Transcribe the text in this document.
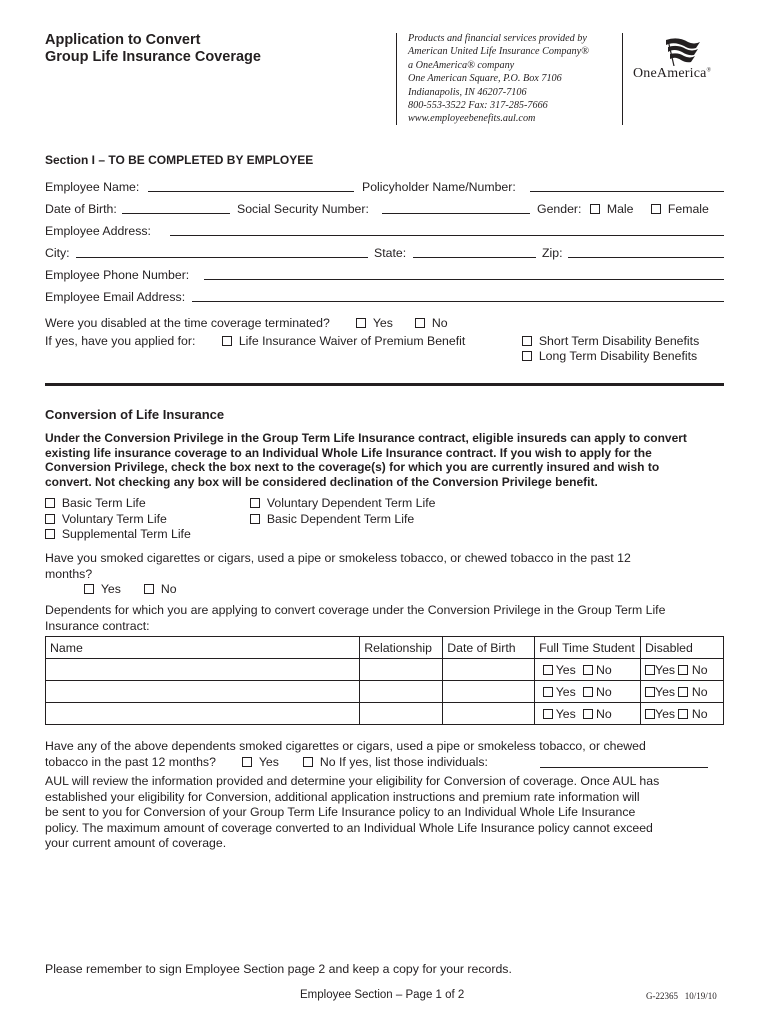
Application to Convert
Group Life Insurance Coverage
Products and financial services provided by
American United Life Insurance Company®
a OneAmerica® company
One American Square, P.O. Box 7106
Indianapolis, IN 46207-7106
800-553-3522 Fax: 317-285-7666
www.employeebenefits.aul.com
OneAmerica®
Section I – TO BE COMPLETED BY EMPLOYEE
Employee Name:	Policyholder Name/Number:
Date of Birth:	Social Security Number:	Gender:	Male	Female
Employee Address:
City:	State:	Zip:
Employee Phone Number:
Employee Email Address:
Were you disabled at the time coverage terminated?	Yes	No
If yes, have you applied for:	Life Insurance Waiver of Premium Benefit	Short Term Disability Benefits
Long Term Disability Benefits
Conversion of Life Insurance
Under the Conversion Privilege in the Group Term Life Insurance contract, eligible insureds can apply to convert
existing life insurance coverage to an Individual Whole Life Insurance contract. If you wish to apply for the
Conversion Privilege, check the box next to the coverage(s) for which you are currently insured and wish to
convert. Not checking any box will be considered declination of the Conversion Privilege benefit.
Basic Term Life
Voluntary Term Life
Supplemental Term Life
Voluntary Dependent Term Life
Basic Dependent Term Life
Have you smoked cigarettes or cigars, used a pipe or smokeless tobacco, or chewed tobacco in the past 12
months?
Yes	No
Dependents for which you are applying to convert coverage under the Conversion Privilege in the Group Term Life
Insurance contract:
Name	Relationship	Date of Birth	Full Time Student	Disabled
			Yes No	Yes No
			Yes No	Yes No
			Yes No	Yes No
Have any of the above dependents smoked cigarettes or cigars, used a pipe or smokeless tobacco, or chewed
tobacco in the past 12 months?	Yes	No If yes, list those individuals:
AUL will review the information provided and determine your eligibility for Conversion of coverage. Once AUL has
established your eligibility for Conversion, additional application instructions and premium rate information will
be sent to you for Conversion of your Group Term Life Insurance policy to an Individual Whole Life Insurance
policy. The maximum amount of coverage converted to an Individual Whole Life Insurance policy cannot exceed
your current amount of coverage.
Please remember to sign Employee Section page 2 and keep a copy for your records.
Employee Section – Page 1 of 2	G-22365   10/19/10
